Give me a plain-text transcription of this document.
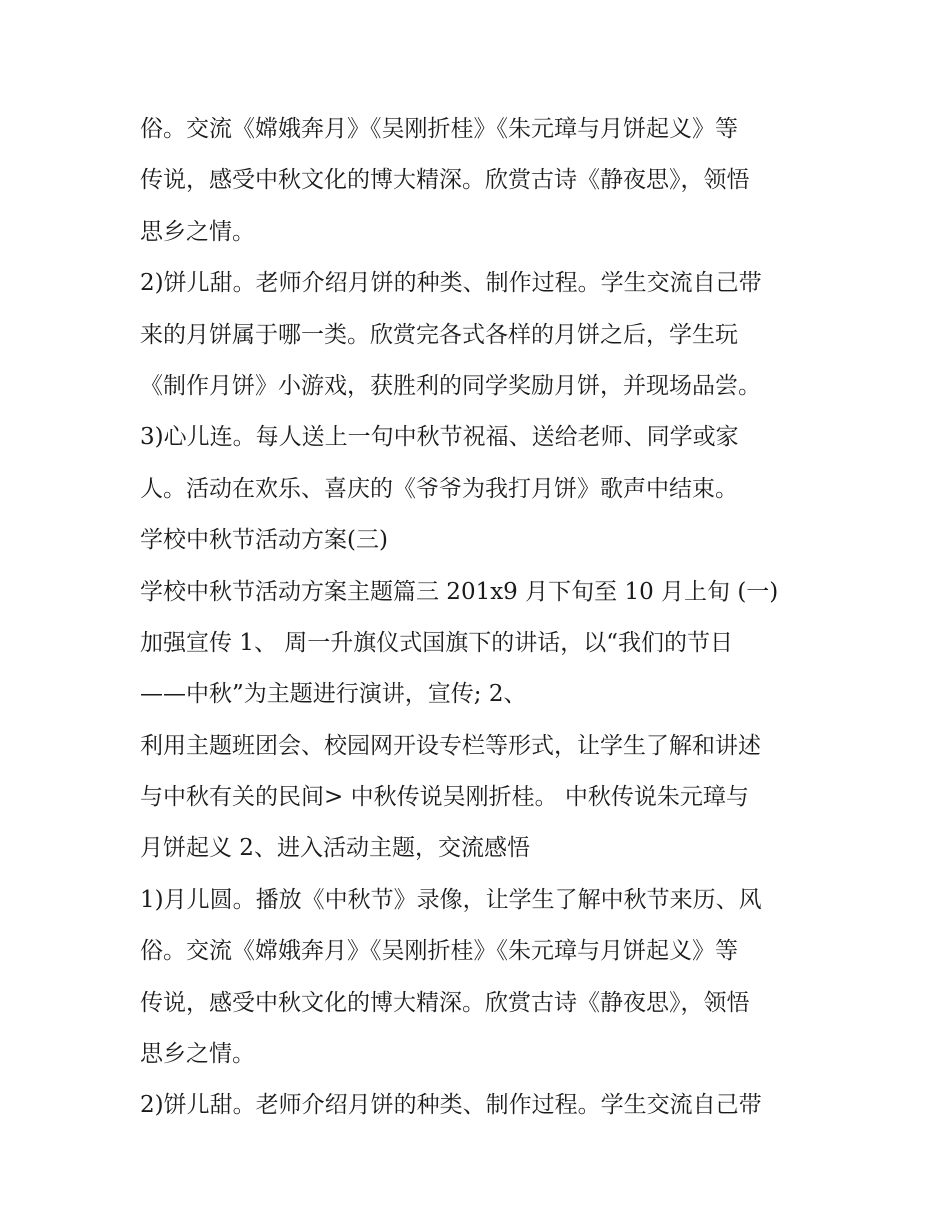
俗。交流《嫦娥奔月》《吴刚折桂》《朱元璋与月饼起义》等
传说，感受中秋文化的博大精深。欣赏古诗《静夜思》，领悟
思乡之情。
2)饼儿甜。老师介绍月饼的种类、制作过程。学生交流自己带
来的月饼属于哪一类。欣赏完各式各样的月饼之后，学生玩
《制作月饼》小游戏，获胜利的同学奖励月饼，并现场品尝。
3)心儿连。每人送上一句中秋节祝福、送给老师、同学或家
人。活动在欢乐、喜庆的《爷爷为我打月饼》歌声中结束。
学校中秋节活动方案(三)
学校中秋节活动方案主题篇三 201x9 月下旬至 10 月上旬 (一)
加强宣传 1、 周一升旗仪式国旗下的讲话，以“我们的节日
——中秋”为主题进行演讲，宣传; 2、
利用主题班团会、校园网开设专栏等形式，让学生了解和讲述
与中秋有关的民间> 中秋传说吴刚折桂。 中秋传说朱元璋与
月饼起义 2、进入活动主题，交流感悟
1)月儿圆。播放《中秋节》录像，让学生了解中秋节来历、风
俗。交流《嫦娥奔月》《吴刚折桂》《朱元璋与月饼起义》等
传说，感受中秋文化的博大精深。欣赏古诗《静夜思》，领悟
思乡之情。
2)饼儿甜。老师介绍月饼的种类、制作过程。学生交流自己带
